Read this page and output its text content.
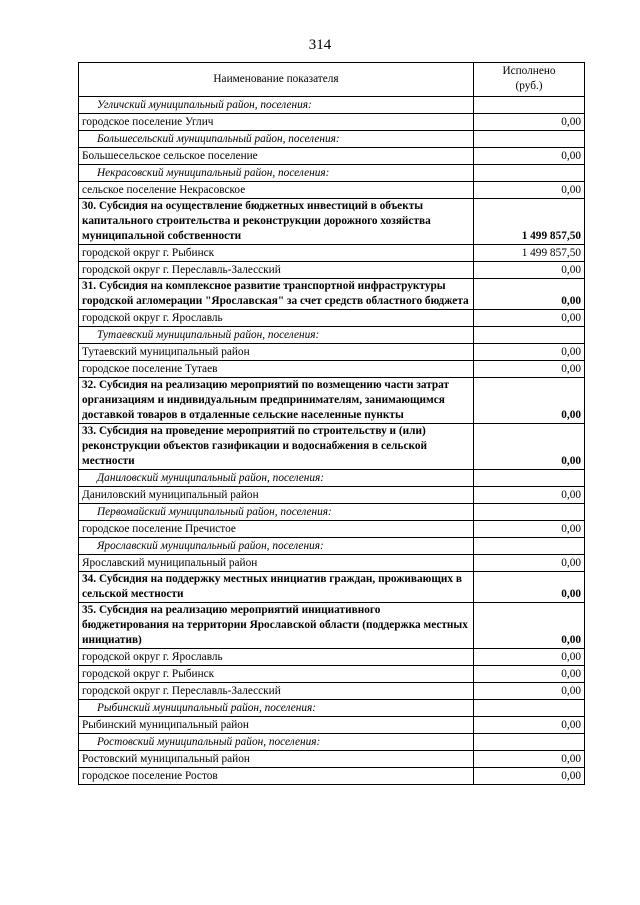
314
Наименование показателя	Исполнено
(руб.)

Угличский муниципальный район, поселения:	
городское поселение Углич	0,00
Большесельский муниципальный район, поселения:	
Большесельское сельское поселение	0,00
Некрасовский муниципальный район, поселения:	
сельское поселение Некрасовское	0,00
30. Субсидия на осуществление бюджетных инвестиций в объекты капитального строительства и реконструкции дорожного хозяйства муниципальной собственности	1 499 857,50
городской округ г. Рыбинск	1 499 857,50
городской округ г. Переславль-Залесский	0,00
31. Субсидия на комплексное развитие транспортной инфраструктуры городской агломерации "Ярославская" за счет средств областного бюджета	0,00
городской округ г. Ярославль	0,00
Тутаевский муниципальный район, поселения:	
Тутаевский муниципальный район	0,00
городское поселение Тутаев	0,00
32. Субсидия на реализацию мероприятий по возмещению части затрат организациям и индивидуальным предпринимателям, занимающимся доставкой товаров в отдаленные сельские населенные пункты	0,00
33. Субсидия на проведение мероприятий по строительству и (или) реконструкции объектов газификации и водоснабжения в сельской местности	0,00
Даниловский муниципальный район, поселения:	
Даниловский муниципальный район	0,00
Первомайский муниципальный район, поселения:	
городское поселение Пречистое	0,00
Ярославский муниципальный район, поселения:	
Ярославский муниципальный район	0,00
34. Субсидия на поддержку местных инициатив граждан, проживающих в сельской местности	0,00
35. Субсидия на реализацию мероприятий инициативного бюджетирования на территории Ярославской области (поддержка местных инициатив)	0,00
городской округ г. Ярославль	0,00
городской округ г. Рыбинск	0,00
городской округ г. Переславль-Залесский	0,00
Рыбинский муниципальный район, поселения:	
Рыбинский муниципальный район	0,00
Ростовский муниципальный район, поселения:	
Ростовский муниципальный район	0,00
городское поселение Ростов	0,00
